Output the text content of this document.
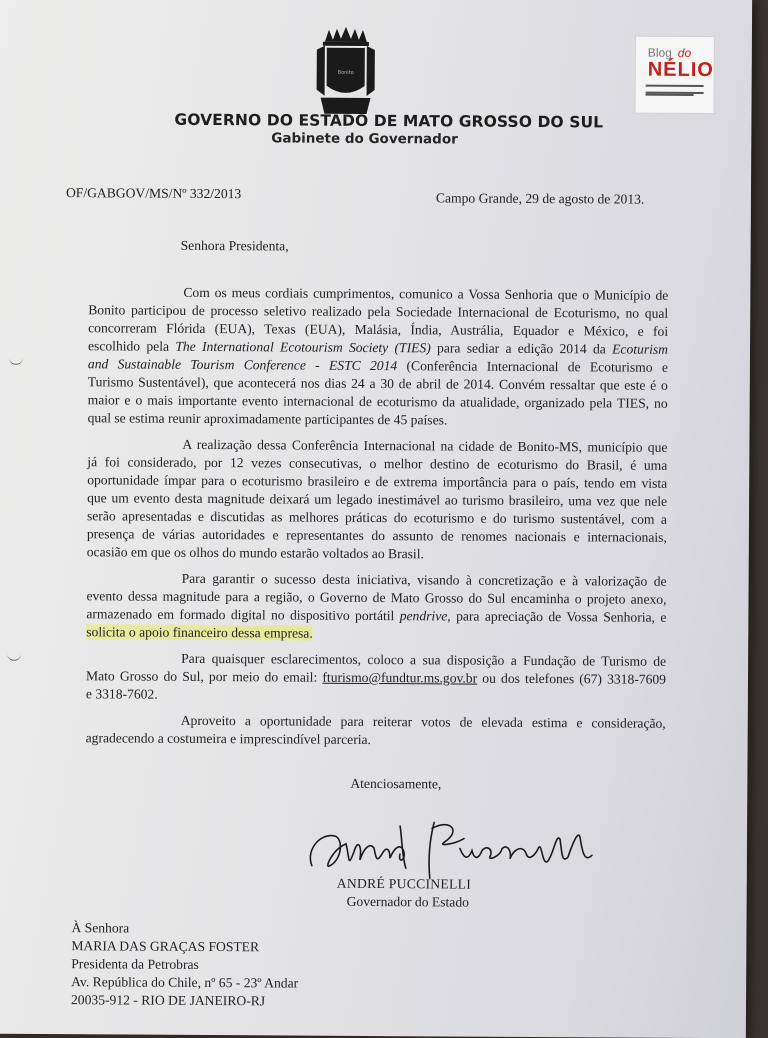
Bonito
GOVERNO DO ESTADO DE MATO GROSSO DO SUL
Gabinete do Governador
Blog do
NÉLIO
OF/GABGOV/MS/Nº 332/2013	Campo Grande, 29 de agosto de 2013.
Senhora Presidenta,
Com os meus cordiais cumprimentos, comunico a Vossa Senhoria que o Município de
Bonito participou de processo seletivo realizado pela Sociedade Internacional de Ecoturismo, no qual
concorreram Flórida (EUA), Texas (EUA), Malásia, Índia, Austrália, Equador e México, e foi
escolhido pela The International Ecotourism Society (TIES) para sediar a edição 2014 da Ecoturism
and Sustainable Tourism Conference - ESTC 2014 (Conferência Internacional de Ecoturismo e
Turismo Sustentável), que acontecerá nos dias 24 a 30 de abril de 2014. Convém ressaltar que este é o
maior e o mais importante evento internacional de ecoturismo da atualidade, organizado pela TIES, no
qual se estima reunir aproximadamente participantes de 45 países.
A realização dessa Conferência Internacional na cidade de Bonito-MS, município que
já foi considerado, por 12 vezes consecutivas, o melhor destino de ecoturismo do Brasil, é uma
oportunidade ímpar para o ecoturismo brasileiro e de extrema importância para o país, tendo em vista
que um evento desta magnitude deixará um legado inestimável ao turismo brasileiro, uma vez que nele
serão apresentadas e discutidas as melhores práticas do ecoturismo e do turismo sustentável, com a
presença de várias autoridades e representantes do assunto de renomes nacionais e internacionais,
ocasião em que os olhos do mundo estarão voltados ao Brasil.
Para garantir o sucesso desta iniciativa, visando à concretização e à valorização de
evento dessa magnitude para a região, o Governo de Mato Grosso do Sul encaminha o projeto anexo,
armazenado em formado digital no dispositivo portátil pendrive, para apreciação de Vossa Senhoria, e
solicita o apoio financeiro dessa empresa.
Para quaisquer esclarecimentos, coloco a sua disposição a Fundação de Turismo de
Mato Grosso do Sul, por meio do email: fturismo@fundtur.ms.gov.br ou dos telefones (67) 3318-7609
e 3318-7602.
Aproveito a oportunidade para reiterar votos de elevada estima e consideração,
agradecendo a costumeira e imprescindível parceria.
Atenciosamente,
ANDRÉ PUCCINELLI
Governador do Estado
À Senhora
MARIA DAS GRAÇAS FOSTER
Presidenta da Petrobras
Av. República do Chile, nº 65 - 23º Andar
20035-912 - RIO DE JANEIRO-RJ
